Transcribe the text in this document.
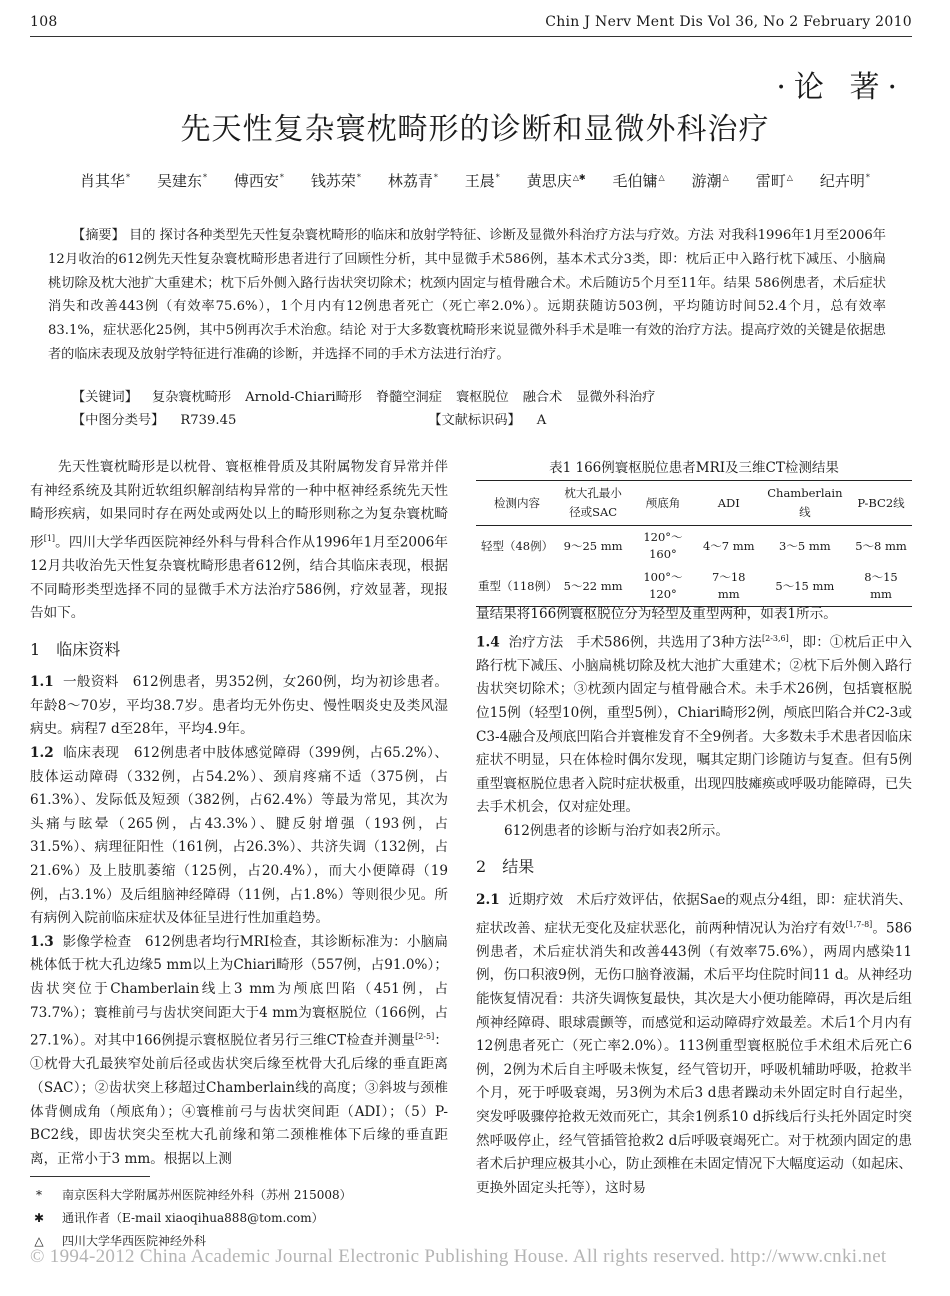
108	Chin J Nerv Ment Dis Vol 36, No 2 February 2010
·论 著·
先天性复杂寰枕畸形的诊断和显微外科治疗
肖其华* 吴建东* 傅西安* 钱苏荣* 林荔青* 王晨* 黄思庆△✱ 毛伯镛△ 游潮△ 雷町△ 纪卉明*
【摘要】 目的 探讨各种类型先天性复杂寰枕畸形的临床和放射学特征、诊断及显微外科治疗方法与疗效。方法 对我科1996年1月至2006年12月收治的612例先天性复杂寰枕畸形患者进行了回顾性分析，其中显微手术586例，基本术式分3类，即：枕后正中入路行枕下减压、小脑扁桃切除及枕大池扩大重建术；枕下后外侧入路行齿状突切除术；枕颈内固定与植骨融合术。术后随访5个月至11年。结果 586例患者，术后症状消失和改善443例（有效率75.6%），1个月内有12例患者死亡（死亡率2.0%）。远期获随访503例，平均随访时间52.4个月，总有效率83.1%，症状恶化25例，其中5例再次手术治愈。结论 对于大多数寰枕畸形来说显微外科手术是唯一有效的治疗方法。提高疗效的关键是依据患者的临床表现及放射学特征进行准确的诊断，并选择不同的手术方法进行治疗。
【关键词】 复杂寰枕畸形 Arnold-Chiari畸形 脊髓空洞症 寰枢脱位 融合术 显微外科治疗
【中图分类号】 R739.45	【文献标识码】 A

先天性寰枕畸形是以枕骨、寰枢椎骨质及其附属物发育异常并伴有神经系统及其附近软组织解剖结构异常的一种中枢神经系统先天性畸形疾病，如果同时存在两处或两处以上的畸形则称之为复杂寰枕畸形[1]。四川大学华西医院神经外科与骨科合作从1996年1月至2006年12月共收治先天性复杂寰枕畸形患者612例，结合其临床表现，根据不同畸形类型选择不同的显微手术方法治疗586例，疗效显著，现报告如下。

1 临床资料

1.1 一般资料 612例患者，男352例，女260例，均为初诊患者。年龄8～70岁，平均38.7岁。患者均无外伤史、慢性咽炎史及类风湿病史。病程7 d至28年，平均4.9年。

1.2 临床表现 612例患者中肢体感觉障碍（399例，占65.2%）、肢体运动障碍（332例，占54.2%）、颈肩疼痛不适（375例，占61.3%）、发际低及短颈（382例，占62.4%）等最为常见，其次为头痛与眩晕（265例，占43.3%）、腱反射增强（193例，占31.5%）、病理征阳性（161例，占26.3%）、共济失调（132例，占21.6%）及上肢肌萎缩（125例，占20.4%），而大小便障碍（19例，占3.1%）及后组脑神经障碍（11例，占1.8%）等则很少见。所有病例入院前临床症状及体征呈进行性加重趋势。

1.3 影像学检查 612例患者均行MRI检查，其诊断标准为：小脑扁桃体低于枕大孔边缘5 mm以上为Chiari畸形（557例，占91.0%）；齿状突位于Chamberlain线上3 mm为颅底凹陷（451例，占73.7%）；寰椎前弓与齿状突间距大于4 mm为寰枢脱位（166例，占27.1%）。对其中166例提示寰枢脱位者另行三维CT检查并测量[2-5]：①枕骨大孔最狭窄处前后径或齿状突后缘至枕骨大孔后缘的垂直距离（SAC）；②齿状突上移超过Chamberlain线的高度；③斜坡与颈椎体背侧成角（颅底角）；④寰椎前弓与齿状突间距（ADI）；（5）P-BC2线，即齿状突尖至枕大孔前缘和第二颈椎椎体下后缘的垂直距离，正常小于3 mm。根据以上测

表1 166例寰枢脱位患者MRI及三维CT检测结果
检测内容	枕大孔最小径或SAC	颅底角	ADI	Chamberlain线	P-BC2线
轻型（48例）	9～25 mm	120°～160°	4～7 mm	3～5 mm	5～8 mm
重型（118例）	5～22 mm	100°～120°	7～18 mm	5～15 mm	8～15 mm

量结果将166例寰枢脱位分为轻型及重型两种，如表1所示。

1.4 治疗方法 手术586例，共选用了3种方法[2-3,6]，即：①枕后正中入路行枕下减压、小脑扁桃切除及枕大池扩大重建术；②枕下后外侧入路行齿状突切除术；③枕颈内固定与植骨融合术。未手术26例，包括寰枢脱位15例（轻型10例，重型5例），Chiari畸形2例，颅底凹陷合并C2-3或C3-4融合及颅底凹陷合并寰椎发育不全9例者。大多数未手术患者因临床症状不明显，只在体检时偶尔发现，嘱其定期门诊随访与复查。但有5例重型寰枢脱位患者入院时症状极重，出现四肢瘫痪或呼吸功能障碍，已失去手术机会，仅对症处理。

612例患者的诊断与治疗如表2所示。

2 结果

2.1 近期疗效 术后疗效评估，依据Sae的观点分4组，即：症状消失、症状改善、症状无变化及症状恶化，前两种情况认为治疗有效[1,7-8]。586例患者，术后症状消失和改善443例（有效率75.6%），两周内感染11例，伤口积液9例，无伤口脑脊液漏，术后平均住院时间11 d。从神经功能恢复情况看：共济失调恢复最快，其次是大小便功能障碍，再次是后组颅神经障碍、眼球震颤等，而感觉和运动障碍疗效最差。术后1个月内有12例患者死亡（死亡率2.0%）。113例重型寰枢脱位手术组术后死亡6例，2例为术后自主呼吸未恢复，经气管切开，呼吸机辅助呼吸，抢救半个月，死于呼吸衰竭，另3例为术后3 d患者躁动未外固定时自行起坐，突发呼吸骤停抢救无效而死亡，其余1例系10 d拆线后行头托外固定时突然呼吸停止，经气管插管抢救2 d后呼吸衰竭死亡。对于枕颈内固定的患者术后护理应极其小心，防止颈椎在未固定情况下大幅度运动（如起床、更换外固定头托等），这时易

*	南京医科大学附属苏州医院神经外科（苏州 215008）
✱	通讯作者（E-mail xiaoqihua888@tom.com）
△	四川大学华西医院神经外科
© 1994-2012 China Academic Journal Electronic Publishing House. All rights reserved. http://www.cnki.net
